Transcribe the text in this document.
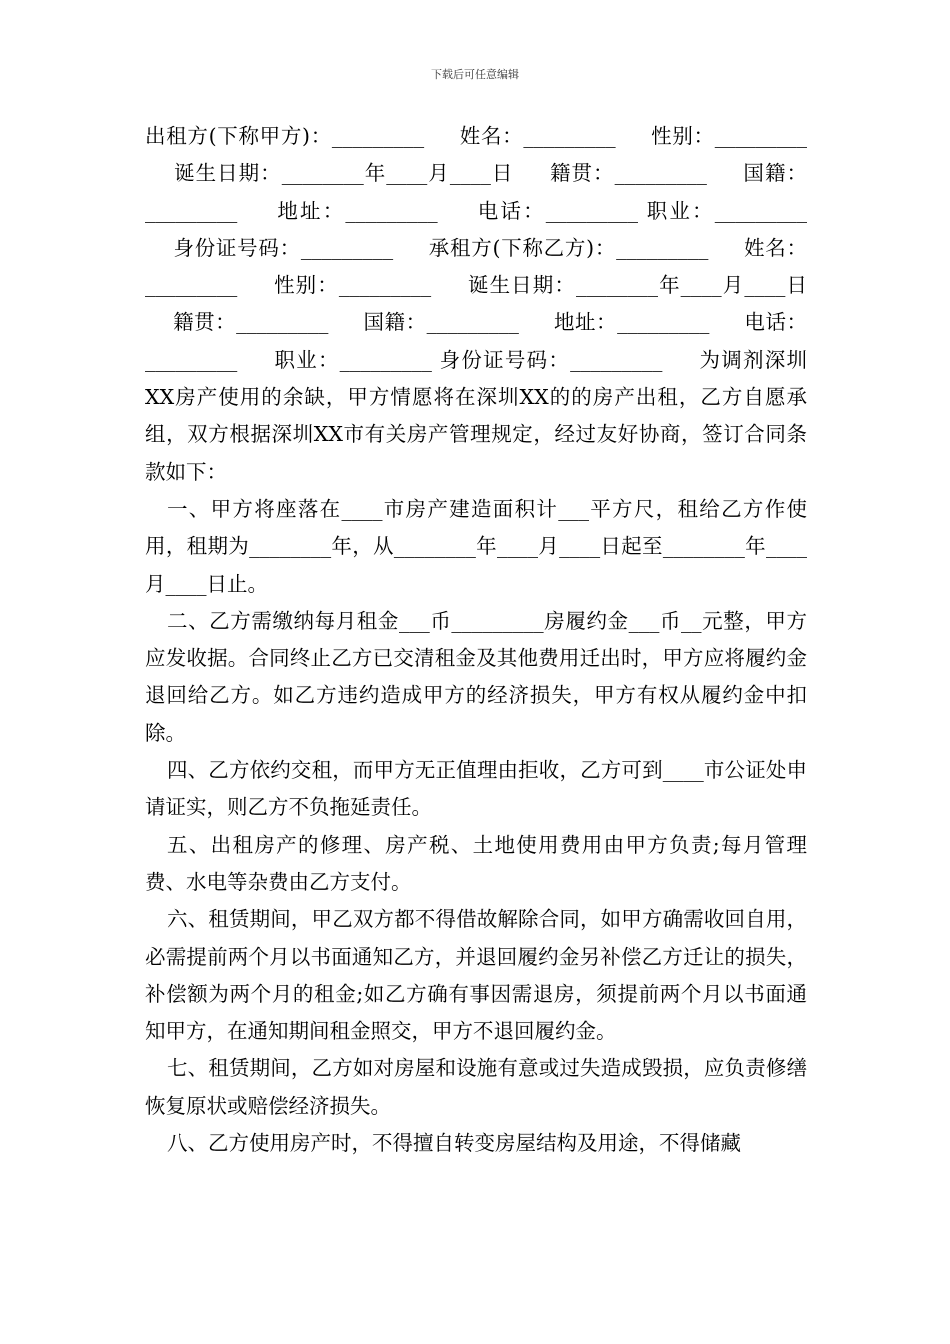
下载后可任意编辑

出租方(下称甲方)：_________ 　 姓名：_________ 　 性别：_________ 　 诞生日期：________年____月____日 　 籍贯：_________ 　 国籍：_________ 　 地址：_________ 　 电话：_________ 职业：_________ 　 身份证号码：_________ 　 承租方(下称乙方)：_________ 　 姓名：_________ 　 性别：_________ 　 诞生日期：________年____月____日 　 籍贯：_________ 　 国籍：_________ 　 地址：_________ 　 电话：_________ 　 职业：_________ 身份证号码：_________ 　 为调剂深圳XX房产使用的余缺，甲方情愿将在深圳XX的的房产出租，乙方自愿承组，双方根据深圳XX市有关房产管理规定，经过友好协商，签订合同条款如下：

一、甲方将座落在____市房产建造面积计___平方尺，租给乙方作使用，租期为________年，从________年____月____日起至________年____月____日止。

二、乙方需缴纳每月租金___币_________房履约金___币__元整，甲方应发收据。合同终止乙方已交清租金及其他费用迁出时，甲方应将履约金退回给乙方。如乙方违约造成甲方的经济损失，甲方有权从履约金中扣除。

四、乙方依约交租，而甲方无正值理由拒收，乙方可到____市公证处申请证实，则乙方不负拖延责任。

五、出租房产的修理、房产税、土地使用费用由甲方负责;每月管理费、水电等杂费由乙方支付。

六、租赁期间，甲乙双方都不得借故解除合同，如甲方确需收回自用，必需提前两个月以书面通知乙方，并退回履约金另补偿乙方迁让的损失，补偿额为两个月的租金;如乙方确有事因需退房，须提前两个月以书面通知甲方，在通知期间租金照交，甲方不退回履约金。

七、租赁期间，乙方如对房屋和设施有意或过失造成毁损，应负责修缮恢复原状或赔偿经济损失。

八、乙方使用房产时，不得擅自转变房屋结构及用途，不得储藏
